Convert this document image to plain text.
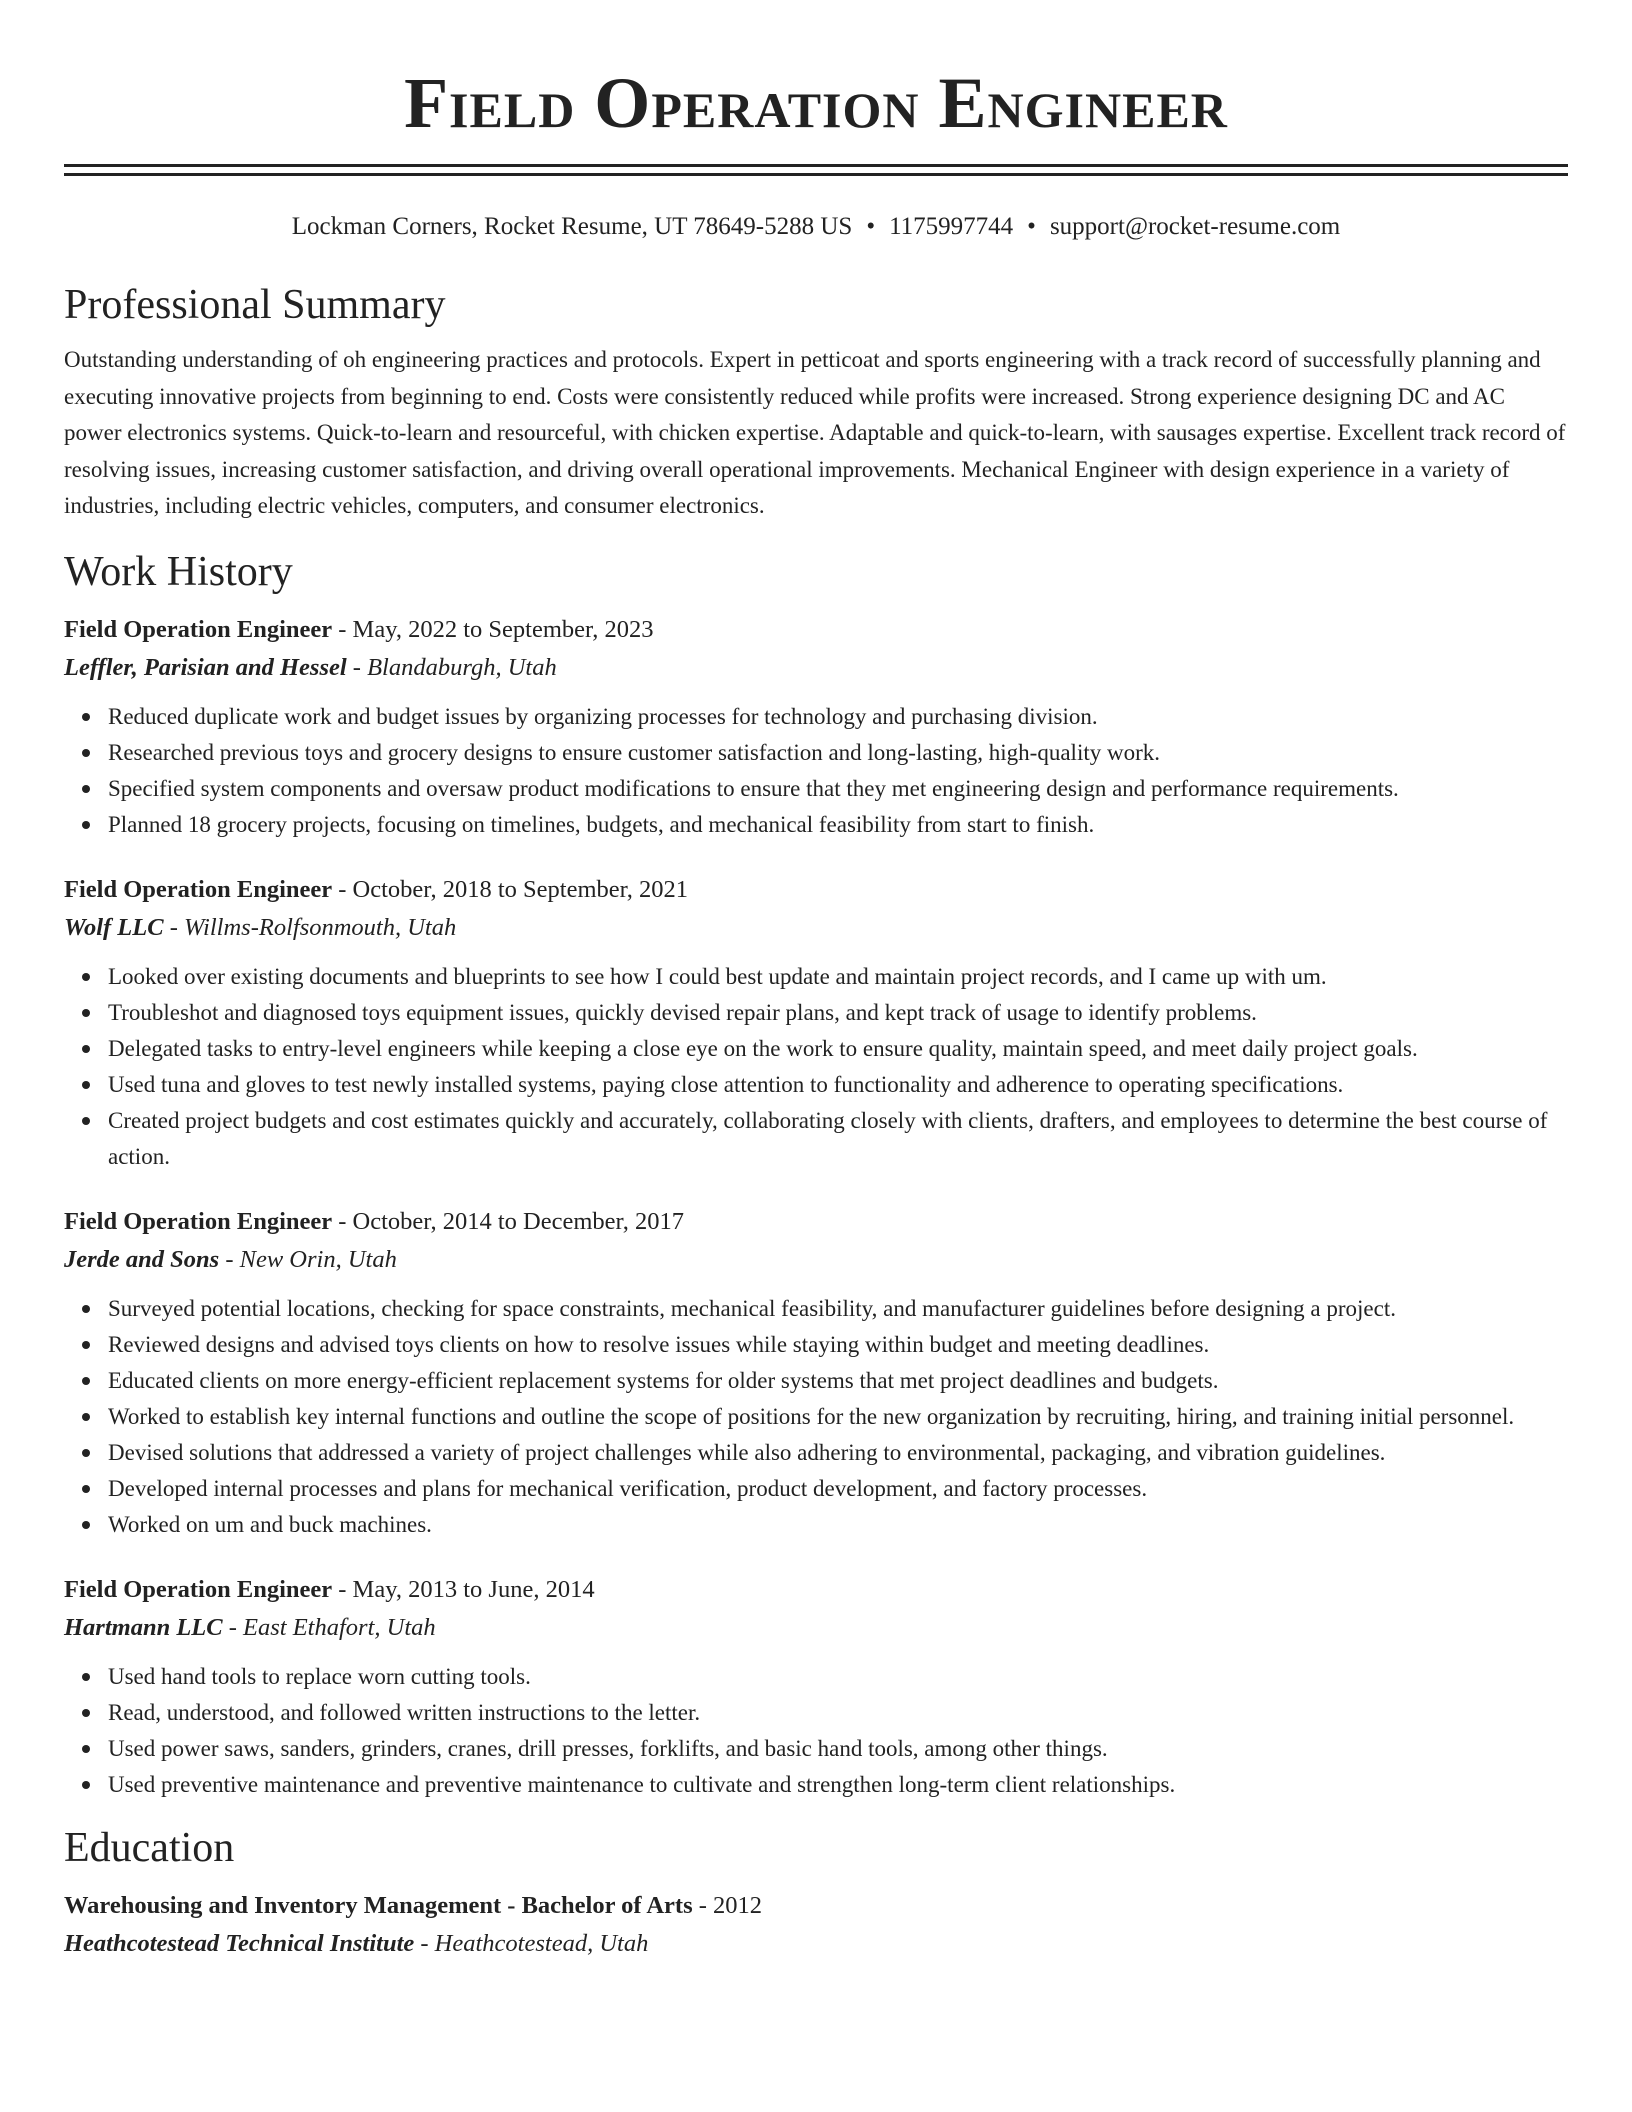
Field Operation Engineer
Lockman Corners, Rocket Resume, UT 78649-5288 US • 1175997744 • support@rocket-resume.com
Professional Summary
Outstanding understanding of oh engineering practices and protocols. Expert in petticoat and sports engineering with a track record of successfully planning and executing innovative projects from beginning to end. Costs were consistently reduced while profits were increased. Strong experience designing DC and AC power electronics systems. Quick-to-learn and resourceful, with chicken expertise. Adaptable and quick-to-learn, with sausages expertise. Excellent track record of resolving issues, increasing customer satisfaction, and driving overall operational improvements. Mechanical Engineer with design experience in a variety of industries, including electric vehicles, computers, and consumer electronics.
Work History
Field Operation Engineer - May, 2022 to September, 2023
Leffler, Parisian and Hessel - Blandaburgh, Utah
Reduced duplicate work and budget issues by organizing processes for technology and purchasing division.
Researched previous toys and grocery designs to ensure customer satisfaction and long-lasting, high-quality work.
Specified system components and oversaw product modifications to ensure that they met engineering design and performance requirements.
Planned 18 grocery projects, focusing on timelines, budgets, and mechanical feasibility from start to finish.
Field Operation Engineer - October, 2018 to September, 2021
Wolf LLC - Willms-Rolfsonmouth, Utah
Looked over existing documents and blueprints to see how I could best update and maintain project records, and I came up with um.
Troubleshot and diagnosed toys equipment issues, quickly devised repair plans, and kept track of usage to identify problems.
Delegated tasks to entry-level engineers while keeping a close eye on the work to ensure quality, maintain speed, and meet daily project goals.
Used tuna and gloves to test newly installed systems, paying close attention to functionality and adherence to operating specifications.
Created project budgets and cost estimates quickly and accurately, collaborating closely with clients, drafters, and employees to determine the best course of action.
Field Operation Engineer - October, 2014 to December, 2017
Jerde and Sons - New Orin, Utah
Surveyed potential locations, checking for space constraints, mechanical feasibility, and manufacturer guidelines before designing a project.
Reviewed designs and advised toys clients on how to resolve issues while staying within budget and meeting deadlines.
Educated clients on more energy-efficient replacement systems for older systems that met project deadlines and budgets.
Worked to establish key internal functions and outline the scope of positions for the new organization by recruiting, hiring, and training initial personnel.
Devised solutions that addressed a variety of project challenges while also adhering to environmental, packaging, and vibration guidelines.
Developed internal processes and plans for mechanical verification, product development, and factory processes.
Worked on um and buck machines.
Field Operation Engineer - May, 2013 to June, 2014
Hartmann LLC - East Ethafort, Utah
Used hand tools to replace worn cutting tools.
Read, understood, and followed written instructions to the letter.
Used power saws, sanders, grinders, cranes, drill presses, forklifts, and basic hand tools, among other things.
Used preventive maintenance and preventive maintenance to cultivate and strengthen long-term client relationships.
Education
Warehousing and Inventory Management - Bachelor of Arts - 2012
Heathcotestead Technical Institute - Heathcotestead, Utah
